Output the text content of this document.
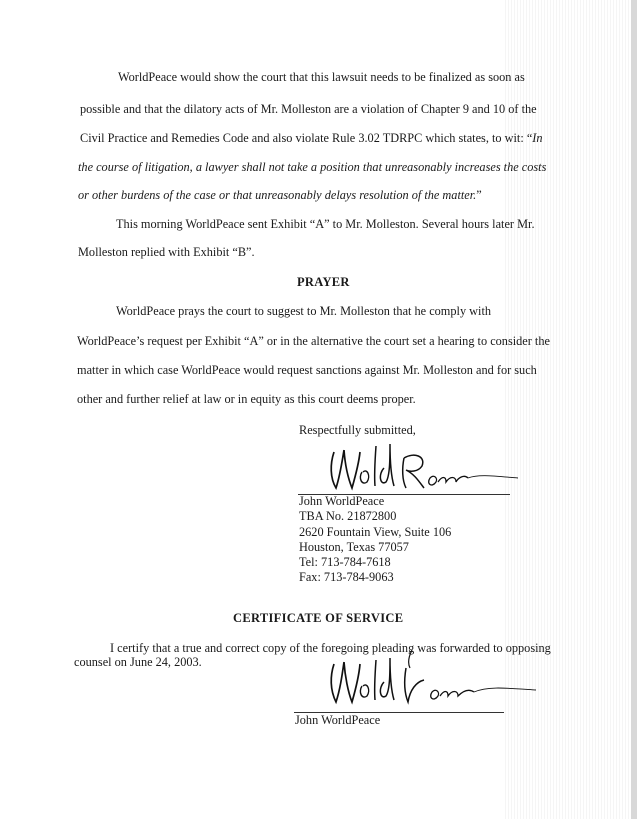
WorldPeace would show the court that this lawsuit needs to be finalized as soon as
possible and that the dilatory acts of Mr. Molleston are a violation of Chapter 9 and 10 of the
Civil Practice and Remedies Code and also violate Rule 3.02 TDRPC which states, to wit: “In
the course of litigation, a lawyer shall not take a position that unreasonably increases the costs
or other burdens of the case or that unreasonably delays resolution of the matter.”
This morning WorldPeace sent Exhibit “A” to Mr. Molleston. Several hours later Mr.
Molleston replied with Exhibit “B”.
PRAYER
WorldPeace prays the court to suggest to Mr. Molleston that he comply with
WorldPeace’s request per Exhibit “A” or in the alternative the court set a hearing to consider the
matter in which case WorldPeace would request sanctions against Mr. Molleston and for such
other and further relief at law or in equity as this court deems proper.
Respectfully submitted,
John WorldPeace
TBA No. 21872800
2620 Fountain View, Suite 106
Houston, Texas 77057
Tel: 713-784-7618
Fax: 713-784-9063
CERTIFICATE OF SERVICE
I certify that a true and correct copy of the foregoing pleading was forwarded to opposing
counsel on June 24, 2003.
John WorldPeace
